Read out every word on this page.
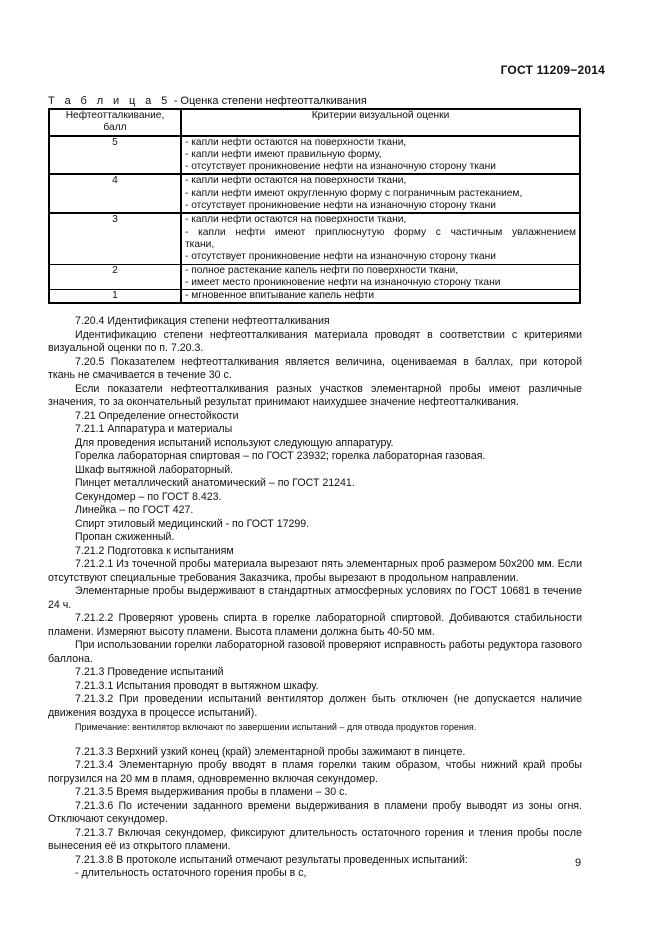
ГОСТ 11209−2014
Т а б л и ц а 5 - Оценка степени нефтеотталкивания
Нефтеотталкивание, балл	Критерии визуальной оценки
5	- капли нефти остаются на поверхности ткани,
- капли нефти имеют правильную форму,
- отсутствует проникновение нефти на изнаночную сторону ткани

4	- капли нефти остаются на поверхности ткани,
- капли нефти имеют округленную форму с пограничным растеканием,
- отсутствует проникновение нефти на изнаночную сторону ткани

3	- капли нефти остаются на поверхности ткани,
- капли нефти имеют приплюснутую форму с частичным увлажнением
ткани,
- отсутствует проникновение нефти на изнаночную сторону ткани

2	- полное растекание капель нефти по поверхности ткани,
- имеет место проникновение нефти на изнаночную сторону ткани

1	- мгновенное впитывание капель нефти

7.20.4 Идентификация степени нефтеотталкивания

Идентификацию степени нефтеотталкивания материала проводят в соответствии с критериями визуальной оценки по п. 7.20.3.

7.20.5 Показателем нефтеотталкивания является величина, оцениваемая в баллах, при которой ткань не смачивается в течение 30 с.

Если показатели нефтеотталкивания разных участков элементарной пробы имеют различные значения, то за окончательный результат принимают наихудшее значение нефтеотталкивания.

7.21 Определение огнестойкости

7.21.1 Аппаратура и материалы

Для проведения испытаний используют следующую аппаратуру.

Горелка лабораторная спиртовая – по ГОСТ 23932; горелка лабораторная газовая.

Шкаф вытяжной лабораторный.

Пинцет металлический анатомический – по ГОСТ 21241.

Секундомер – по ГОСТ 8.423.

Линейка – по ГОСТ 427.

Спирт этиловый медицинский - по ГОСТ 17299.

Пропан сжиженный.

7.21.2 Подготовка к испытаниям

7.21.2.1 Из точечной пробы материала вырезают пять элементарных проб размером 50x200 мм. Если отсутствуют специальные требования Заказчика, пробы вырезают в продольном направлении.

Элементарные пробы выдерживают в стандартных атмосферных условиях по ГОСТ 10681 в течение 24 ч.

7.21.2.2 Проверяют уровень спирта в горелке лабораторной спиртовой. Добиваются стабильности пламени. Измеряют высоту пламени. Высота пламени должна быть 40-50 мм.

При использовании горелки лабораторной газовой проверяют исправность работы редуктора газового баллона.

7.21.3 Проведение испытаний

7.21.3.1 Испытания проводят в вытяжном шкафу.

7.21.3.2 При проведении испытаний вентилятор должен быть отключен (не допускается наличие движения воздуха в процессе испытаний).

Примечание: вентилятор включают по завершении испытаний – для отвода продуктов горения.

7.21.3.3 Верхний узкий конец (край) элементарной пробы зажимают в пинцете.

7.21.3.4 Элементарную пробу вводят в пламя горелки таким образом, чтобы нижний край пробы погрузился на 20 мм в пламя, одновременно включая секундомер.

7.21.3.5 Время выдерживания пробы в пламени – 30 с.

7.21.3.6 По истечении заданного времени выдерживания в пламени пробу выводят из зоны огня. Отключают секундомер.

7.21.3.7 Включая секундомер, фиксируют длительность остаточного горения и тления пробы после вынесения её из открытого пламени.

7.21.3.8 В протоколе испытаний отмечают результаты проведенных испытаний:

- длительность остаточного горения пробы в с,

9
